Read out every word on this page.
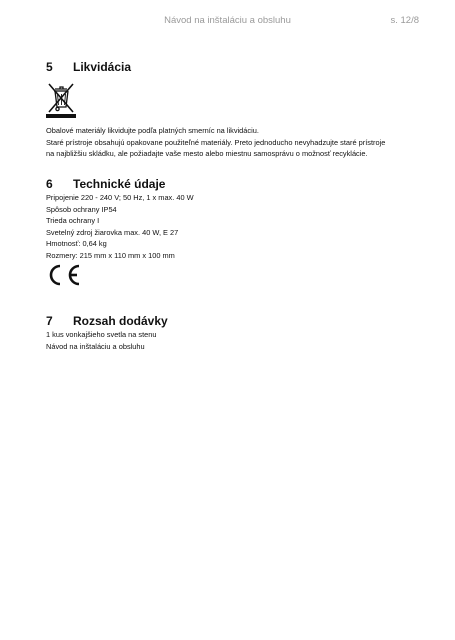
Návod na inštaláciu a obsluhu	s. 12/8
5	Likvidácia
Obalové materiály likvidujte podľa platných smerníc na likvidáciu.
Staré prístroje obsahujú opakovane použiteľné materiály. Preto jednoducho nevyhadzujte staré prístroje
na najbližšiu skládku, ale požiadajte vaše mesto alebo miestnu samosprávu o možnosť recyklácie.
6	Technické údaje
Pripojenie 220 - 240 V; 50 Hz, 1 x max. 40 W
Spôsob ochrany IP54
Trieda ochrany I
Svetelný zdroj žiarovka max. 40 W, E 27
Hmotnosť: 0,64 kg
Rozmery: 215 mm x 110 mm x 100 mm
7	Rozsah dodávky
1 kus vonkajšieho svetla na stenu
Návod na inštaláciu a obsluhu
